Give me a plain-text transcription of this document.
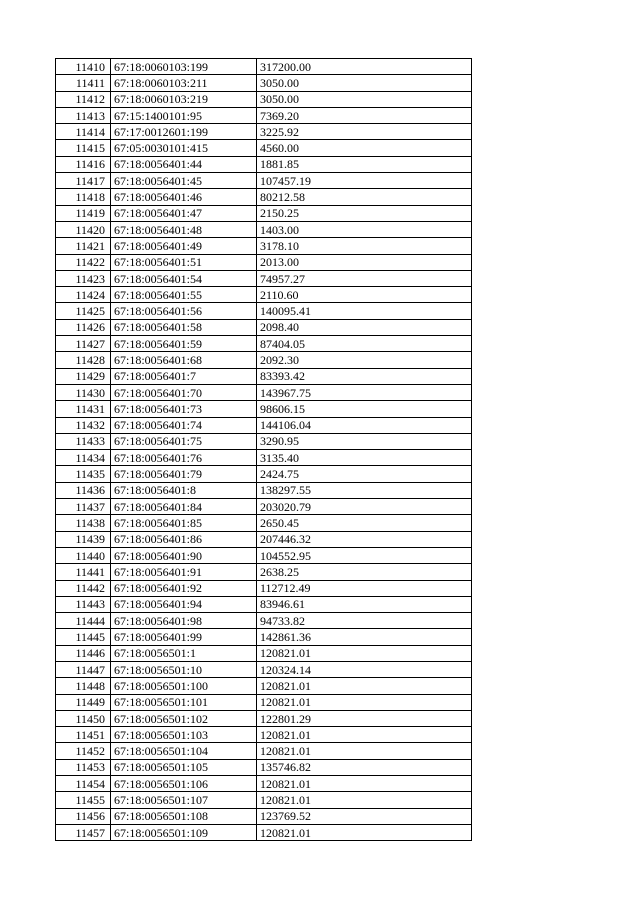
11410	67:18:0060103:199	317200.00
11411	67:18:0060103:211	3050.00
11412	67:18:0060103:219	3050.00
11413	67:15:1400101:95	7369.20
11414	67:17:0012601:199	3225.92
11415	67:05:0030101:415	4560.00
11416	67:18:0056401:44	1881.85
11417	67:18:0056401:45	107457.19
11418	67:18:0056401:46	80212.58
11419	67:18:0056401:47	2150.25
11420	67:18:0056401:48	1403.00
11421	67:18:0056401:49	3178.10
11422	67:18:0056401:51	2013.00
11423	67:18:0056401:54	74957.27
11424	67:18:0056401:55	2110.60
11425	67:18:0056401:56	140095.41
11426	67:18:0056401:58	2098.40
11427	67:18:0056401:59	87404.05
11428	67:18:0056401:68	2092.30
11429	67:18:0056401:7	83393.42
11430	67:18:0056401:70	143967.75
11431	67:18:0056401:73	98606.15
11432	67:18:0056401:74	144106.04
11433	67:18:0056401:75	3290.95
11434	67:18:0056401:76	3135.40
11435	67:18:0056401:79	2424.75
11436	67:18:0056401:8	138297.55
11437	67:18:0056401:84	203020.79
11438	67:18:0056401:85	2650.45
11439	67:18:0056401:86	207446.32
11440	67:18:0056401:90	104552.95
11441	67:18:0056401:91	2638.25
11442	67:18:0056401:92	112712.49
11443	67:18:0056401:94	83946.61
11444	67:18:0056401:98	94733.82
11445	67:18:0056401:99	142861.36
11446	67:18:0056501:1	120821.01
11447	67:18:0056501:10	120324.14
11448	67:18:0056501:100	120821.01
11449	67:18:0056501:101	120821.01
11450	67:18:0056501:102	122801.29
11451	67:18:0056501:103	120821.01
11452	67:18:0056501:104	120821.01
11453	67:18:0056501:105	135746.82
11454	67:18:0056501:106	120821.01
11455	67:18:0056501:107	120821.01
11456	67:18:0056501:108	123769.52
11457	67:18:0056501:109	120821.01
